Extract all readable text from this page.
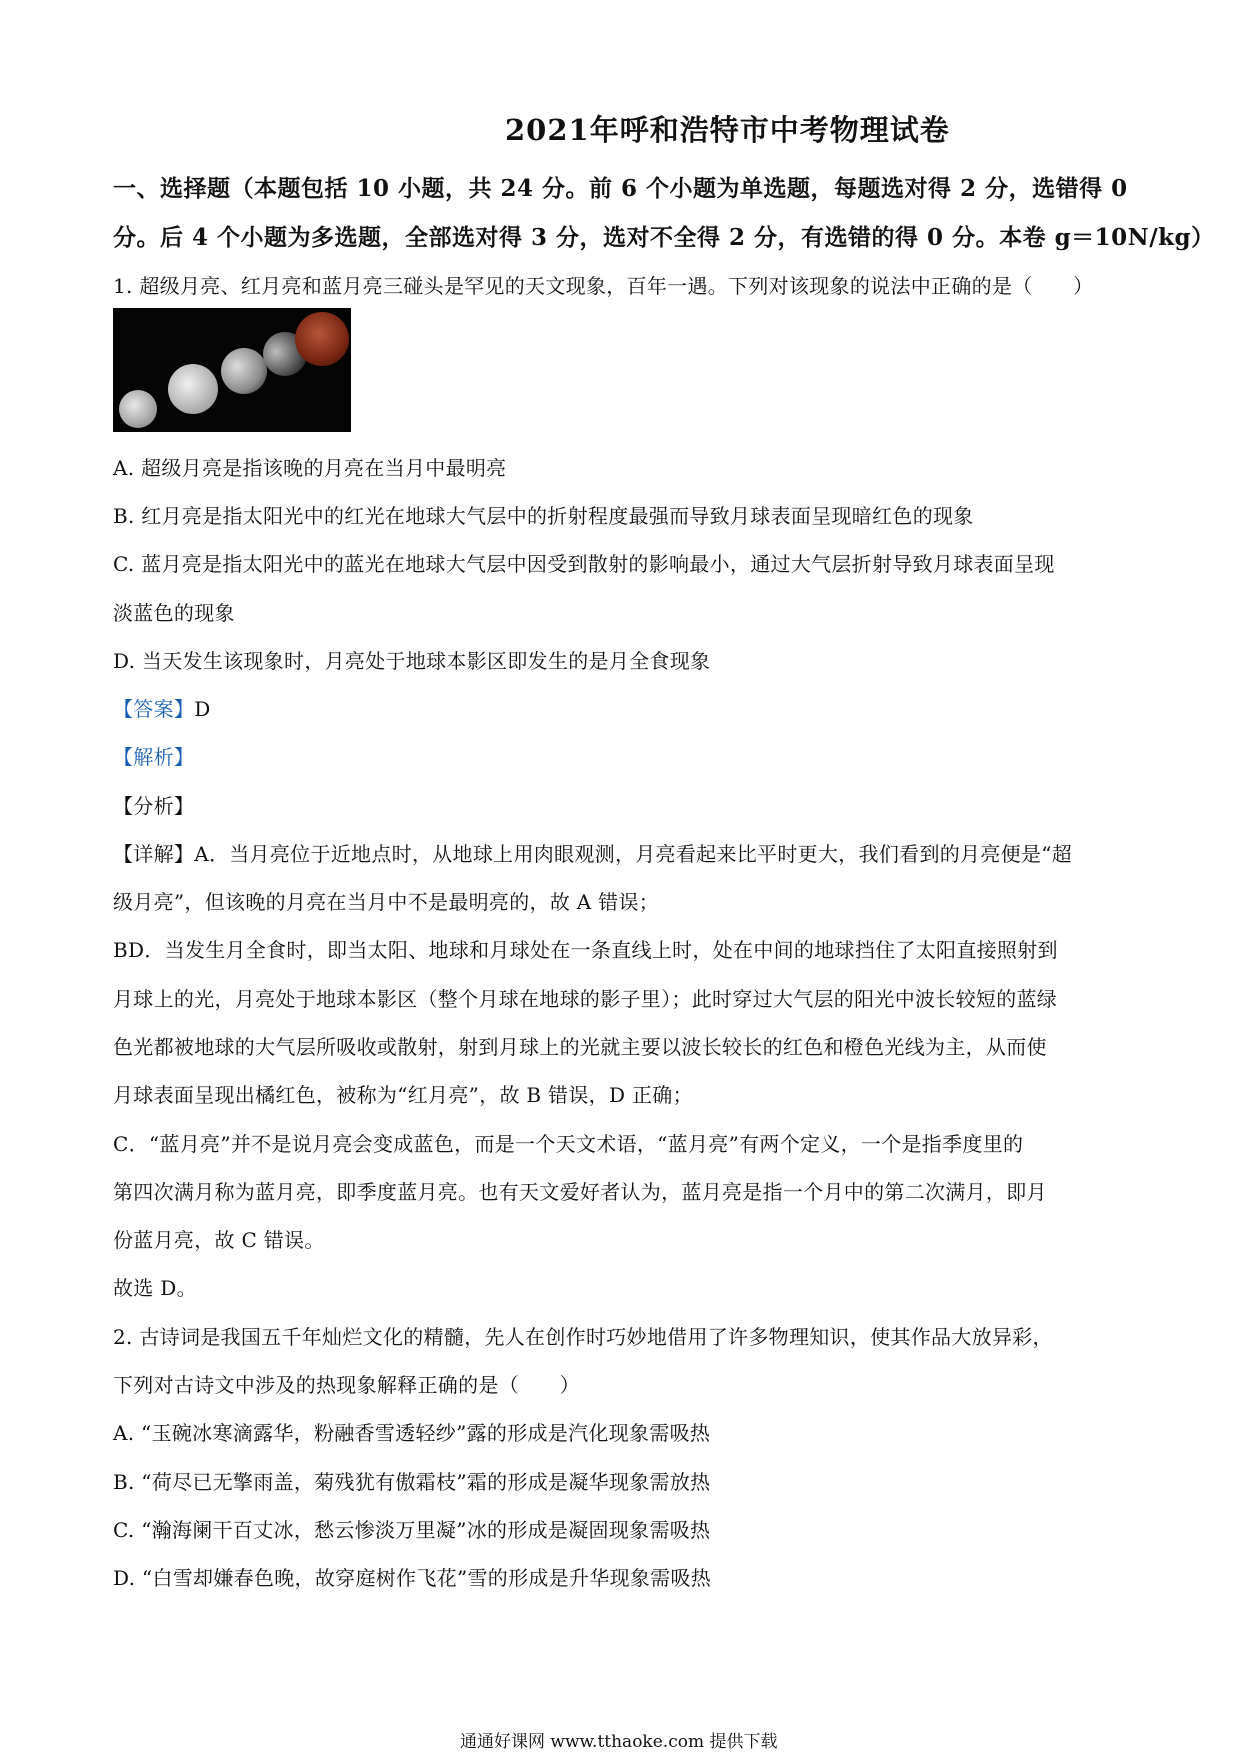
2021年呼和浩特市中考物理试卷
一、选择题（本题包括 10 小题，共 24 分。前 6 个小题为单选题，每题选对得 2 分，选错得 0
分。后 4 个小题为多选题，全部选对得 3 分，选对不全得 2 分，有选错的得 0 分。本卷 g＝10N/kg）
1. 超级月亮、红月亮和蓝月亮三碰头是罕见的天文现象，百年一遇。下列对该现象的说法中正确的是（　　）
A. 超级月亮是指该晚的月亮在当月中最明亮
B. 红月亮是指太阳光中的红光在地球大气层中的折射程度最强而导致月球表面呈现暗红色的现象
C. 蓝月亮是指太阳光中的蓝光在地球大气层中因受到散射的影响最小，通过大气层折射导致月球表面呈现
淡蓝色的现象
D. 当天发生该现象时，月亮处于地球本影区即发生的是月全食现象
【答案】D
【解析】
【分析】
【详解】A．当月亮位于近地点时，从地球上用肉眼观测，月亮看起来比平时更大，我们看到的月亮便是“超
级月亮”，但该晚的月亮在当月中不是最明亮的，故 A 错误；
BD．当发生月全食时，即当太阳、地球和月球处在一条直线上时，处在中间的地球挡住了太阳直接照射到
月球上的光，月亮处于地球本影区（整个月球在地球的影子里）；此时穿过大气层的阳光中波长较短的蓝绿
色光都被地球的大气层所吸收或散射，射到月球上的光就主要以波长较长的红色和橙色光线为主，从而使
月球表面呈现出橘红色，被称为“红月亮”，故 B 错误，D 正确；
C．“蓝月亮”并不是说月亮会变成蓝色，而是一个天文术语，“蓝月亮”有两个定义，一个是指季度里的
第四次满月称为蓝月亮，即季度蓝月亮。也有天文爱好者认为，蓝月亮是指一个月中的第二次满月，即月
份蓝月亮，故 C 错误。
故选 D。
2. 古诗词是我国五千年灿烂文化的精髓，先人在创作时巧妙地借用了许多物理知识，使其作品大放异彩，
下列对古诗文中涉及的热现象解释正确的是（　　）
A. “玉碗冰寒滴露华，粉融香雪透轻纱”露的形成是汽化现象需吸热
B. “荷尽已无擎雨盖，菊残犹有傲霜枝”霜的形成是凝华现象需放热
C. “瀚海阑干百丈冰，愁云惨淡万里凝”冰的形成是凝固现象需吸热
D. “白雪却嫌春色晚，故穿庭树作飞花”雪的形成是升华现象需吸热
通通好课网 www.tthaoke.com 提供下载
